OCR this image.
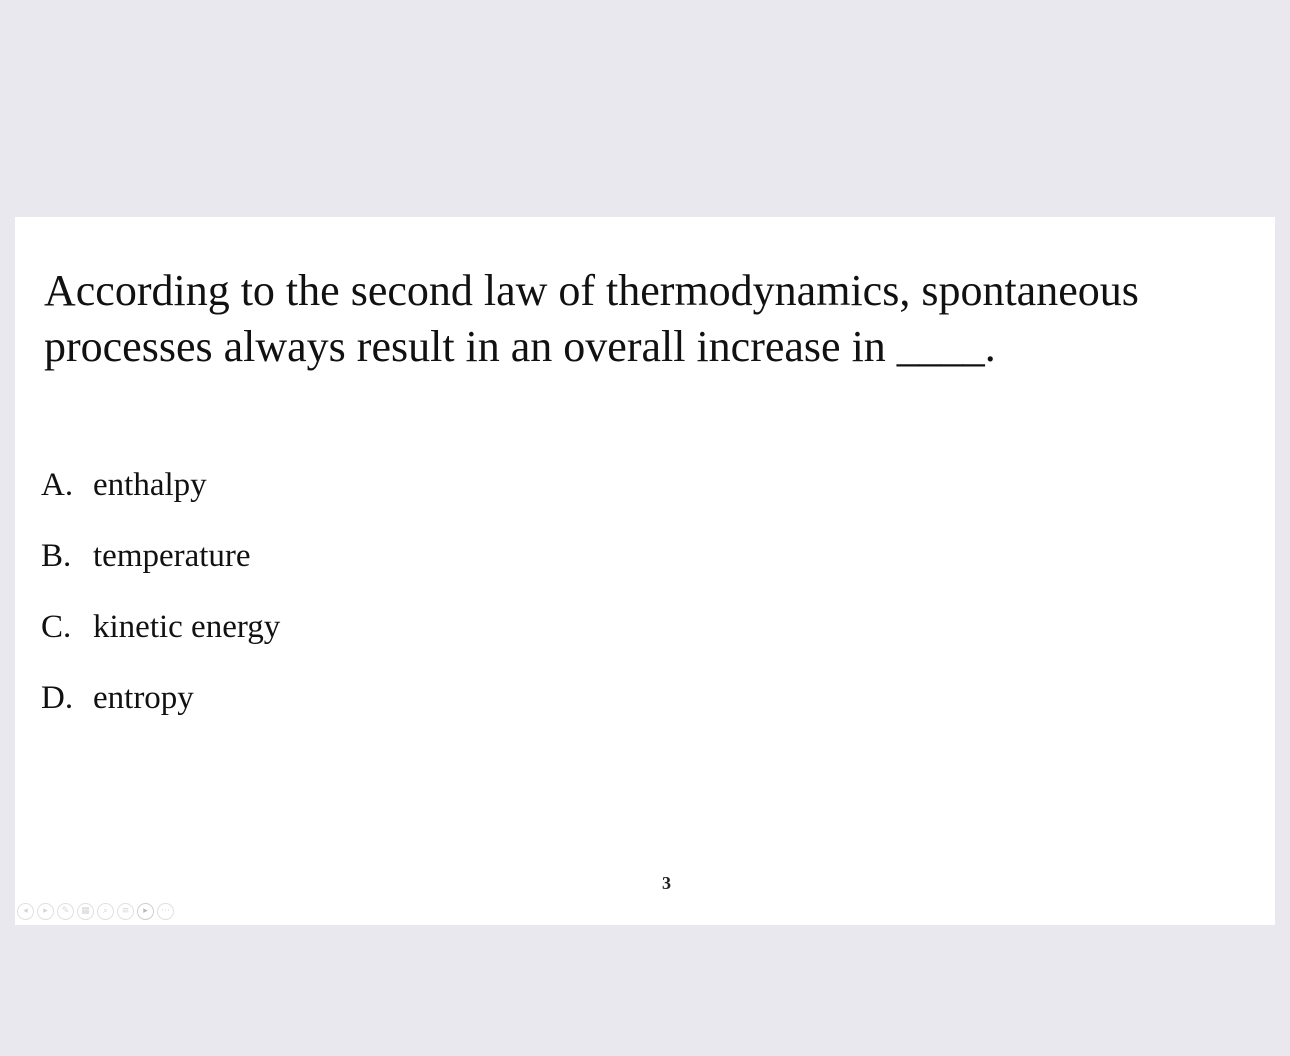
According to the second law of thermodynamics, spontaneous processes always result in an overall increase in ____.

A. enthalpy
B. temperature
C. kinetic energy
D. entropy
3
◂	▸	✎	▦	⌕	≡	▸	⋯
